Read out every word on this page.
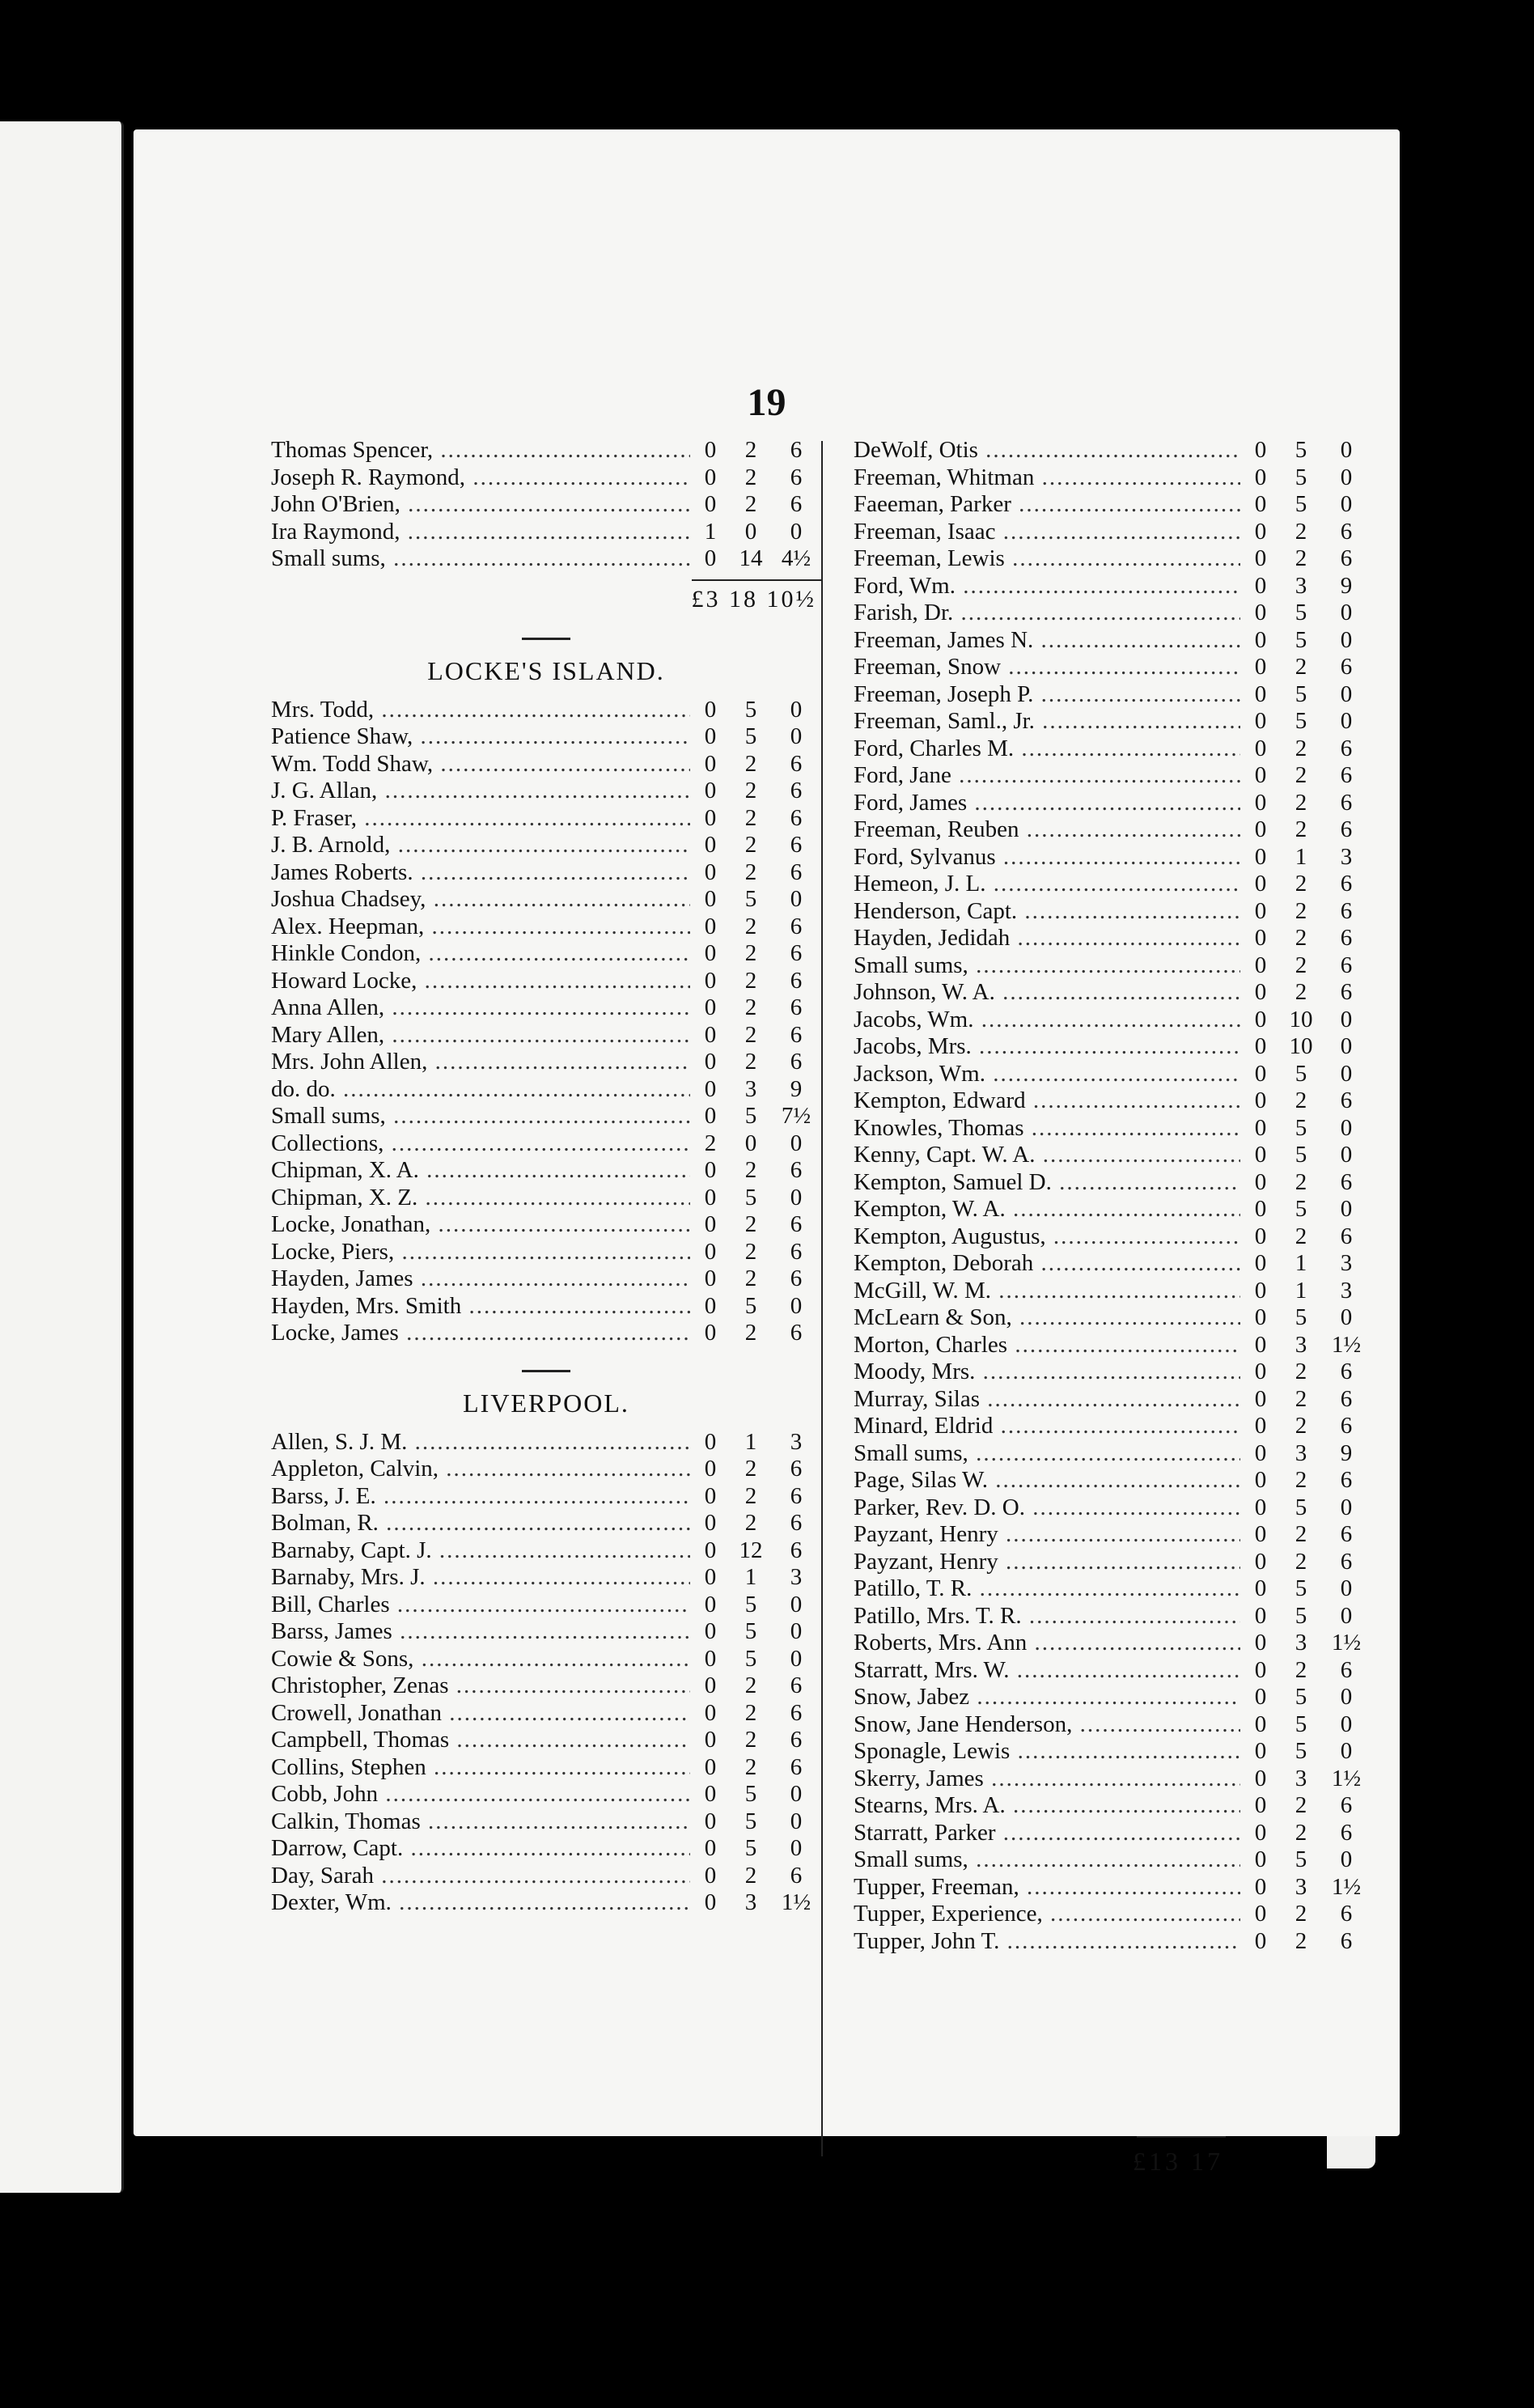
19
Thomas Spencer, .....	0	2	6
Joseph R. Raymond, .....	0	2	6
John O'Brien, .....	0	2	6
Ira Raymond, .....	1	0	0
Small sums, .....	0 14 4½
£3 18 10½
LOCKE'S ISLAND.
Mrs. Todd, .....	0	5	0
Patience Shaw, .....	0	5	0
Wm. Todd Shaw, .....	0	2	6
J. G. Allan, .....	0	2	6
P. Fraser, .....	0	2	6
J. B. Arnold, .....	0	2	6
James Roberts. .....	0	2	6
Joshua Chadsey, .....	0	5	0
Alex. Heepman, .....	0	2	6
Hinkle Condon, .....	0	2	6
Howard Locke, .....	0	2	6
Anna Allen, .....	0	2	6
Mary Allen, .....	0	2	6
Mrs. John Allen, .....	0	2	6
do. do. .....	0	3	9
Small sums, .....	0	5	7½
Collections, .....	2	0	0
Chipman, X. A. .....	0	2	6
Chipman, X. Z. .....	0	5	0
Locke, Jonathan, .....	0	2	6
Locke, Piers, .....	0	2	6
Hayden, James .....	0	2	6
Hayden, Mrs. Smith .....	0	5	0
Locke, James .....	0	2	6
LIVERPOOL.
Allen, S. J. M. .....	0	1	3
Appleton, Calvin, .....	0	2	6
Barss, J. E. .....	0	2	6
Bolman, R. .....	0	2	6
Barnaby, Capt. J. .....	0 12	6
Barnaby, Mrs. J. .....	0	1	3
Bill, Charles .....	0	5	0
Barss, James .....	0	5	0
Cowie & Sons, .....	0	5	0
Christopher, Zenas .....	0	2	6
Crowell, Jonathan .....	0	2	6
Campbell, Thomas .....	0	2	6
Collins, Stephen .....	0	2	6
Cobb, John .....	0	5	0
Calkin, Thomas .....	0	5	0
Darrow, Capt. .....	0	5	0
Day, Sarah .....	0	2	6
Dexter, Wm. .....	0	3	1½
DeWolf, Otis .....	0	5	0
Freeman, Whitman .....	0	5	0
Faeeman, Parker .....	0	5	0
Freeman, Isaac .....	0	2	6
Freeman, Lewis .....	0	2	6
Ford, Wm. .....	0	3	9
Farish, Dr. .....	0	5	0
Freeman, James N. .....	0	5	0
Freeman, Snow .....	0	2	6
Freeman, Joseph P. .....	0	5	0
Freeman, Saml., Jr. .....	0	5	0
Ford, Charles M. .....	0	2	6
Ford, Jane .....	0	2	6
Ford, James .....	0	2	6
Freeman, Reuben .....	0	2	6
Ford, Sylvanus .....	0	1	3
Hemeon, J. L. .....	0	2	6
Henderson, Capt. .....	0	2	6
Hayden, Jedidah .....	0	2	6
Small sums, .....	0	2	6
Johnson, W. A. .....	0	2	6
Jacobs, Wm. .....	0 10	0
Jacobs, Mrs. .....	0 10	0
Jackson, Wm. .....	0	5	0
Kempton, Edward .....	0	2	6
Knowles, Thomas .....	0	5	0
Kenny, Capt. W. A. .....	0	5	0
Kempton, Samuel D. .....	0	2	6
Kempton, W. A. .....	0	5	0
Kempton, Augustus, .....	0	2	6
Kempton, Deborah .....	0	1	3
McGill, W. M. .....	0	1	3
McLearn & Son, .....	0	5	0
Morton, Charles .....	0	3	1½
Moody, Mrs. .....	0	2	6
Murray, Silas .....	0	2	6
Minard, Eldrid .....	0	2	6
Small sums, .....	0	3	9
Page, Silas W. .....	0	2	6
Parker, Rev. D. O. .....	0	5	0
Payzant, Henry .....	0	2	6
Payzant, Henry .....	0	2	6
Patillo, T. R. .....	0	5	0
Patillo, Mrs. T. R. .....	0	5	0
Roberts, Mrs. Ann .....	0	3	1½
Starratt, Mrs. W. .....	0	2	6
Snow, Jabez .....	0	5	0
Snow, Jane Henderson, .....	0	5	0
Sponagle, Lewis .....	0	5	0
Skerry, James .....	0	3	1½
Stearns, Mrs. A. .....	0	2	6
Starratt, Parker .....	0	2	6
Small sums, .....	0	5	0
Tupper, Freeman, .....	0	3	1½
Tupper, Experience, .....	0	2	6
Tupper, John T. .....	0	2	6
£13 17
